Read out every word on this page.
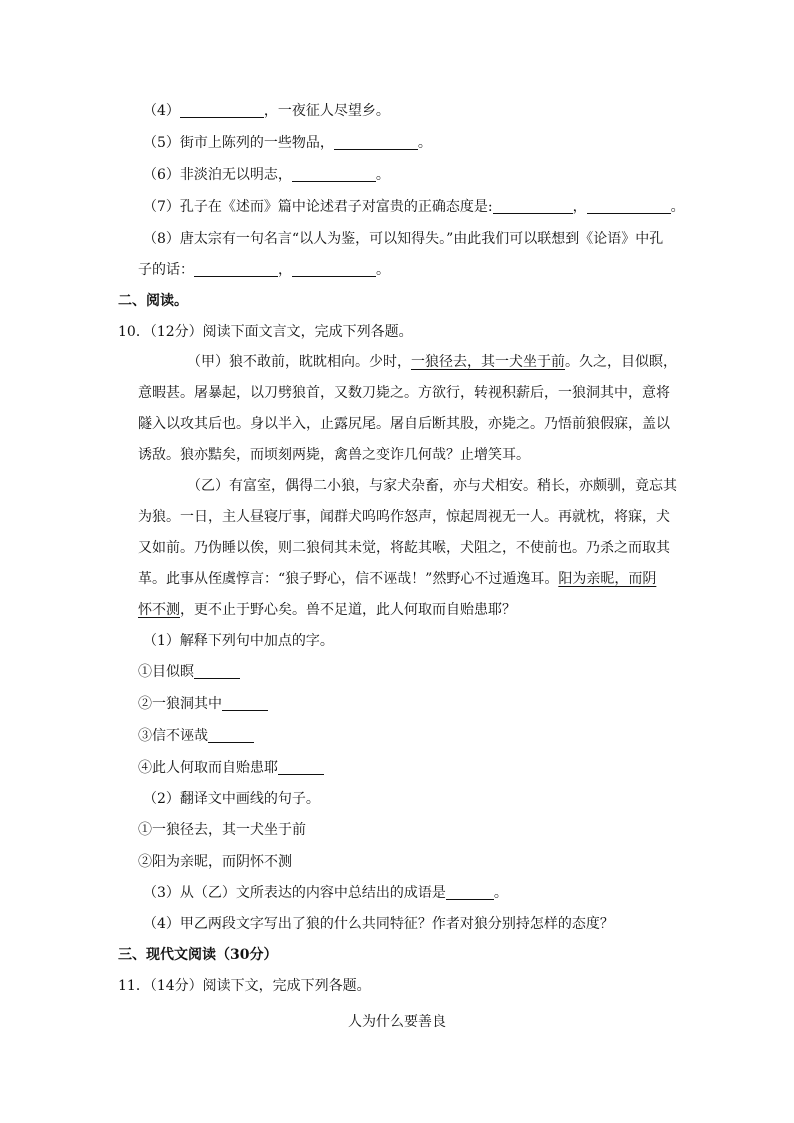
（4）	，一夜征人尽望乡。
（5）街市上陈列的一些物品，	。
（6）非淡泊无以明志，	。
（7）孔子在《述而》篇中论述君子对富贵的正确态度是:	，	。
（8）唐太宗有一句名言“以人为鉴，可以知得失。”由此我们可以联想到《论语》中孔
子的话：	，	。
二、阅读。
10．（12分）阅读下面文言文，完成下列各题。
（甲）狼不敢前，眈眈相向。少时，一狼径去，其一犬坐于前。久之，目似瞑，
意暇甚。屠暴起，以刀劈狼首，又数刀毙之。方欲行，转视积薪后，一狼洞其中，意将
隧入以攻其后也。身以半入，止露尻尾。屠自后断其股，亦毙之。乃悟前狼假寐，盖以
诱敌。狼亦黠矣，而顷刻两毙，禽兽之变诈几何哉？止增笑耳。
（乙）有富室，偶得二小狼，与家犬杂畜，亦与犬相安。稍长，亦颇驯，竟忘其
为狼。一日，主人昼寝厅事，闻群犬呜呜作怒声，惊起周视无一人。再就枕，将寐，犬
又如前。乃伪睡以俟，则二狼伺其未觉，将龁其喉，犬阻之，不使前也。乃杀之而取其
革。此事从侄虞惇言：“狼子野心，信不诬哉！”然野心不过遁逸耳。阳为亲昵，而阴
怀不测，更不止于野心矣。兽不足道，此人何取而自贻患耶？
（1）解释下列句中加点的字。
①目似瞑
②一狼洞其中
③信不诬哉
④此人何取而自贻患耶
（2）翻译文中画线的句子。
①一狼径去，其一犬坐于前
②阳为亲昵，而阴怀不测
（3）从（乙）文所表达的内容中总结出的成语是	。
（4）甲乙两段文字写出了狼的什么共同特征？作者对狼分别持怎样的态度？
三、现代文阅读（30分）
11．（14分）阅读下文，完成下列各题。
人为什么要善良
